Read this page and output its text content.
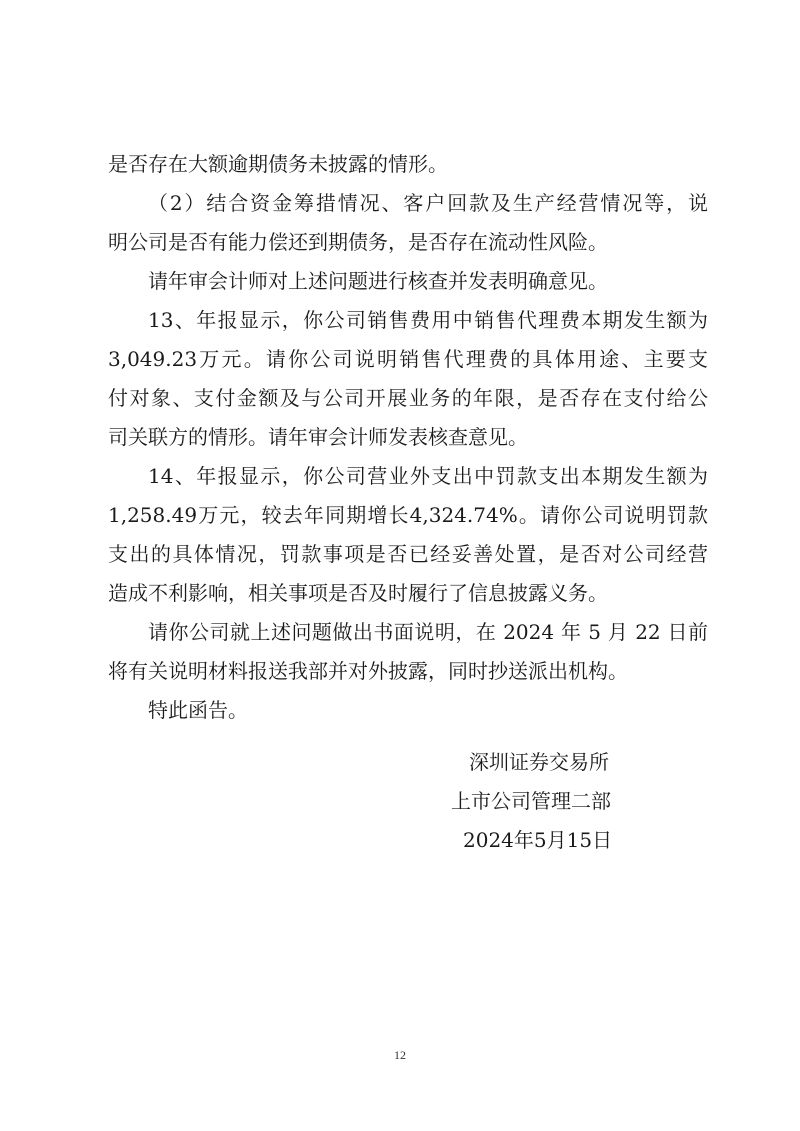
是否存在大额逾期债务未披露的情形。
（2）结合资金筹措情况、客户回款及生产经营情况等，说
明公司是否有能力偿还到期债务，是否存在流动性风险。
请年审会计师对上述问题进行核查并发表明确意见。
13、年报显示，你公司销售费用中销售代理费本期发生额为
3,049.23万元。请你公司说明销售代理费的具体用途、主要支
付对象、支付金额及与公司开展业务的年限，是否存在支付给公
司关联方的情形。请年审会计师发表核查意见。
14、年报显示，你公司营业外支出中罚款支出本期发生额为
1,258.49万元，较去年同期增长4,324.74%。请你公司说明罚款
支出的具体情况，罚款事项是否已经妥善处置，是否对公司经营
造成不利影响，相关事项是否及时履行了信息披露义务。
请你公司就上述问题做出书面说明，在 2024 年 5 月 22 日前
将有关说明材料报送我部并对外披露，同时抄送派出机构。
特此函告。
深圳证券交易所
上市公司管理二部
2024年5月15日
12
